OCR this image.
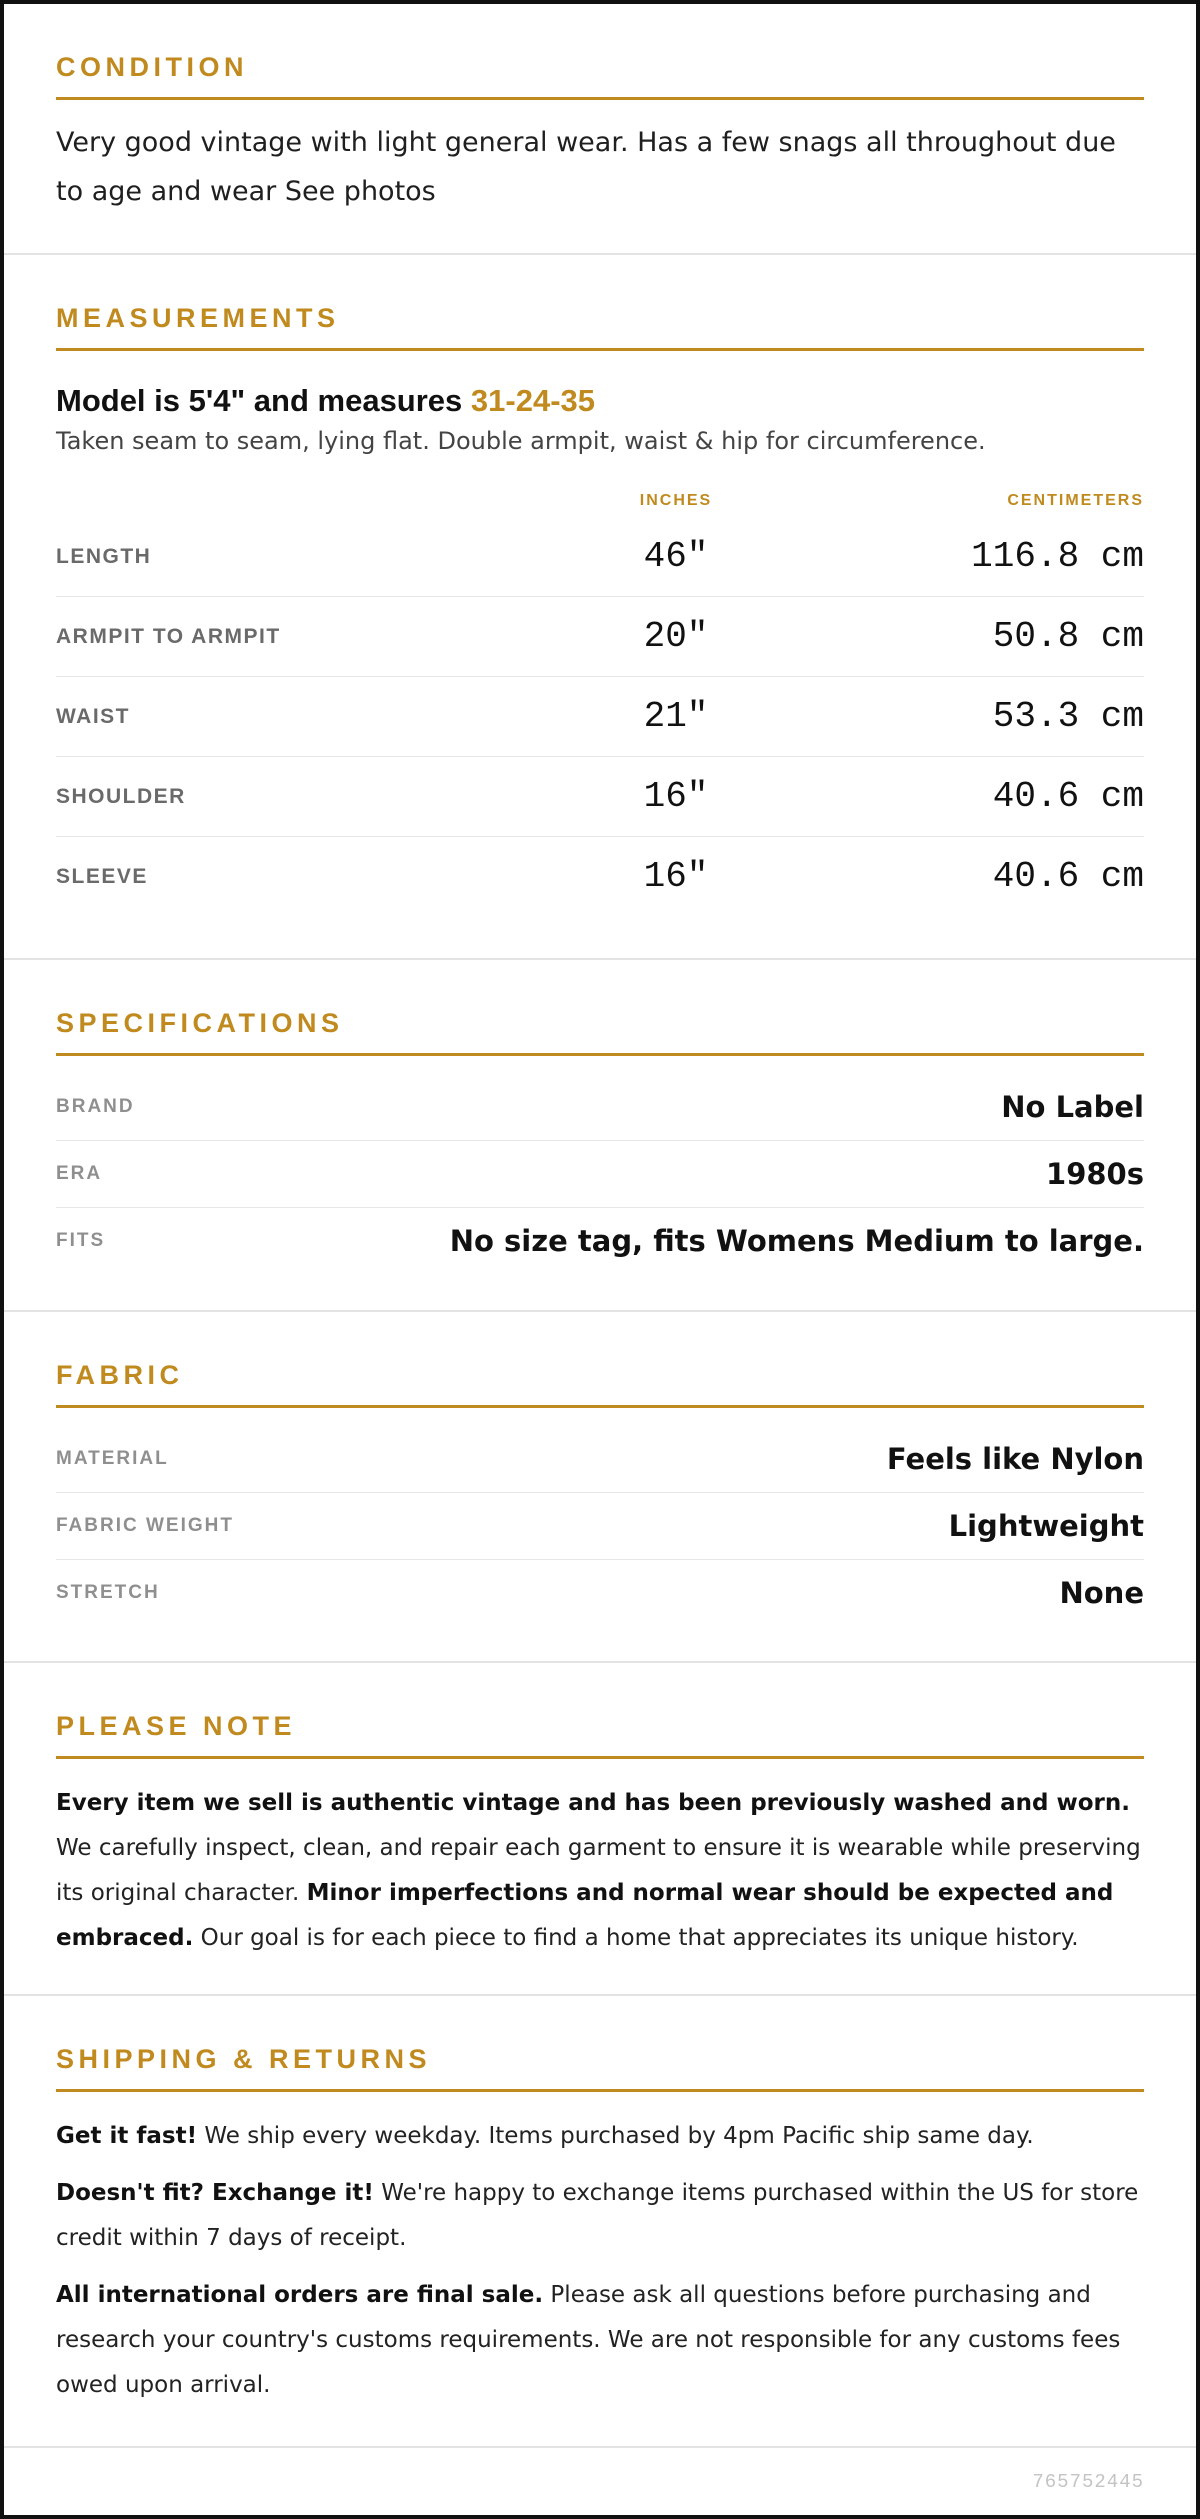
CONDITION
Very good vintage with light general wear. Has a few snags all throughout due to age and wear See photos
MEASUREMENTS
Model is 5'4" and measures 31-24-35
Taken seam to seam, lying flat. Double armpit, waist & hip for circumference.
INCHES	CENTIMETERS
LENGTH	46"	116.8 cm
ARMPIT TO ARMPIT	20"	50.8 cm
WAIST	21"	53.3 cm
SHOULDER	16"	40.6 cm
SLEEVE	16"	40.6 cm
SPECIFICATIONS
BRAND	No Label
ERA	1980s
FITS	No size tag, fits Womens Medium to large.
FABRIC
MATERIAL	Feels like Nylon
FABRIC WEIGHT	Lightweight
STRETCH	None
PLEASE NOTE
Every item we sell is authentic vintage and has been previously washed and worn. We carefully inspect, clean, and repair each garment to ensure it is wearable while preserving its original character. Minor imperfections and normal wear should be expected and embraced. Our goal is for each piece to find a home that appreciates its unique history.
SHIPPING & RETURNS

Get it fast! We ship every weekday. Items purchased by 4pm Pacific ship same day.

Doesn't fit? Exchange it! We're happy to exchange items purchased within the US for store credit within 7 days of receipt.

All international orders are final sale. Please ask all questions before purchasing and research your country's customs requirements. We are not responsible for any customs fees owed upon arrival.

765752445
